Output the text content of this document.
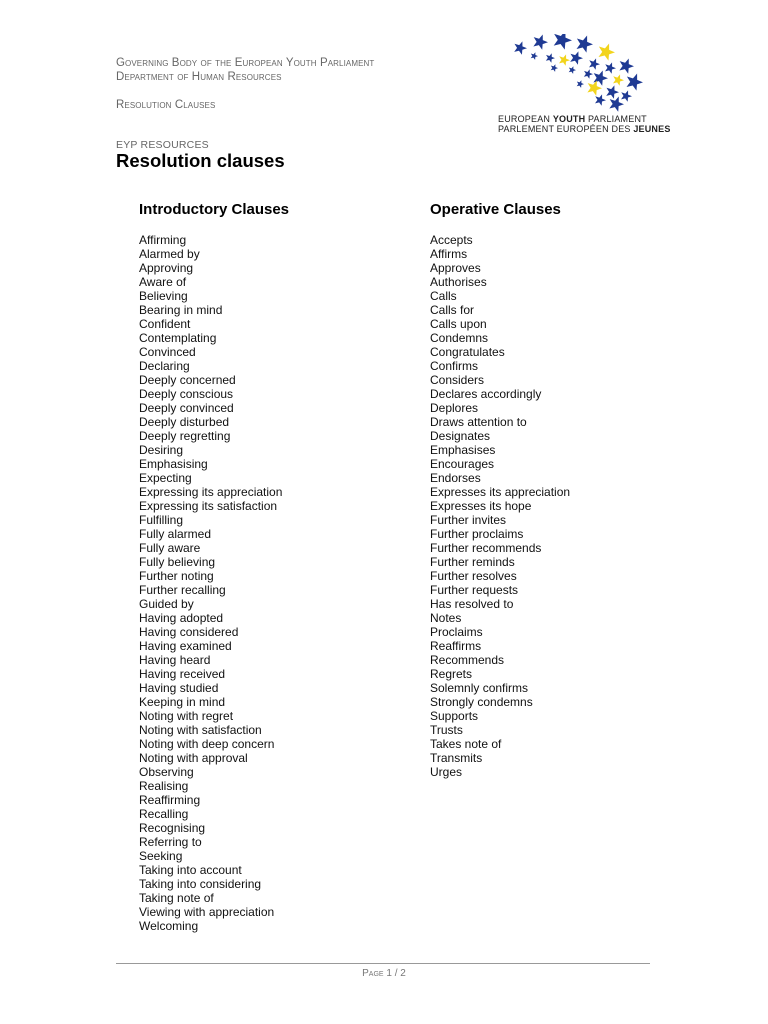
Governing Body of the European Youth Parliament
Department of Human Resources
Resolution Clauses
EUROPEAN YOUTH PARLIAMENT
PARLEMENT EUROPÉEN DES JEUNES
EYP RESOURCES
Resolution clauses
Introductory Clauses
Affirming
Alarmed by
Approving
Aware of
Believing
Bearing in mind
Confident
Contemplating
Convinced
Declaring
Deeply concerned
Deeply conscious
Deeply convinced
Deeply disturbed
Deeply regretting
Desiring
Emphasising
Expecting
Expressing its appreciation
Expressing its satisfaction
Fulfilling
Fully alarmed
Fully aware
Fully believing
Further noting
Further recalling
Guided by
Having adopted
Having considered
Having examined
Having heard
Having received
Having studied
Keeping in mind
Noting with regret
Noting with satisfaction
Noting with deep concern
Noting with approval
Observing
Realising
Reaffirming
Recalling
Recognising
Referring to
Seeking
Taking into account
Taking into considering
Taking note of
Viewing with appreciation
Welcoming
Operative Clauses
Accepts
Affirms
Approves
Authorises
Calls
Calls for
Calls upon
Condemns
Congratulates
Confirms
Considers
Declares accordingly
Deplores
Draws attention to
Designates
Emphasises
Encourages
Endorses
Expresses its appreciation
Expresses its hope
Further invites
Further proclaims
Further recommends
Further reminds
Further resolves
Further requests
Has resolved to
Notes
Proclaims
Reaffirms
Recommends
Regrets
Solemnly confirms
Strongly condemns
Supports
Trusts
Takes note of
Transmits
Urges
Page 1 / 2
